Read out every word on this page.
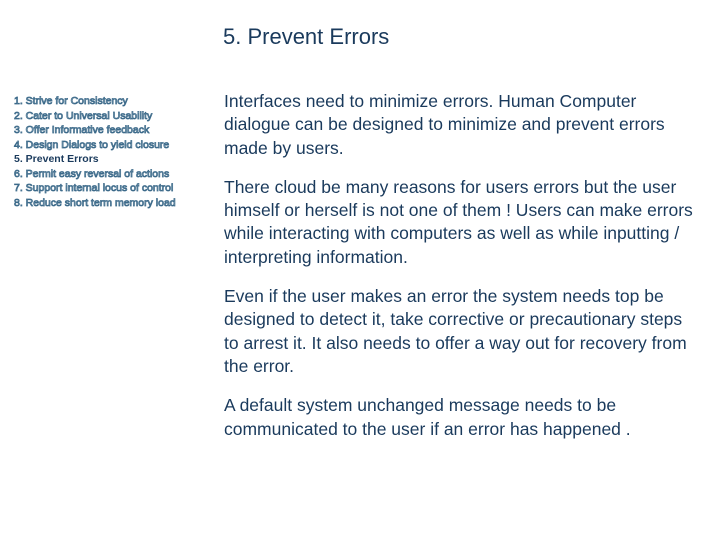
5. Prevent Errors
1. Strive for Consistency
2. Cater to Universal Usability
3. Offer Informative feedback
4. Design Dialogs to yield closure
5. Prevent Errors
6. Permit easy reversal of actions
7. Support internal locus of control
8. Reduce short term memory load

Interfaces need to minimize errors. Human Computer dialogue can be designed to minimize and prevent errors made by users.

There cloud be many reasons for users errors but the user himself or herself is not one of them ! Users can make errors while interacting with computers as well as while inputting / interpreting information.

Even if the user makes an error the system needs top be designed to detect it, take corrective or precautionary steps to arrest it. It also needs to offer a way out for recovery from the error.

A default system unchanged message needs to be communicated to the user if an error has happened .
